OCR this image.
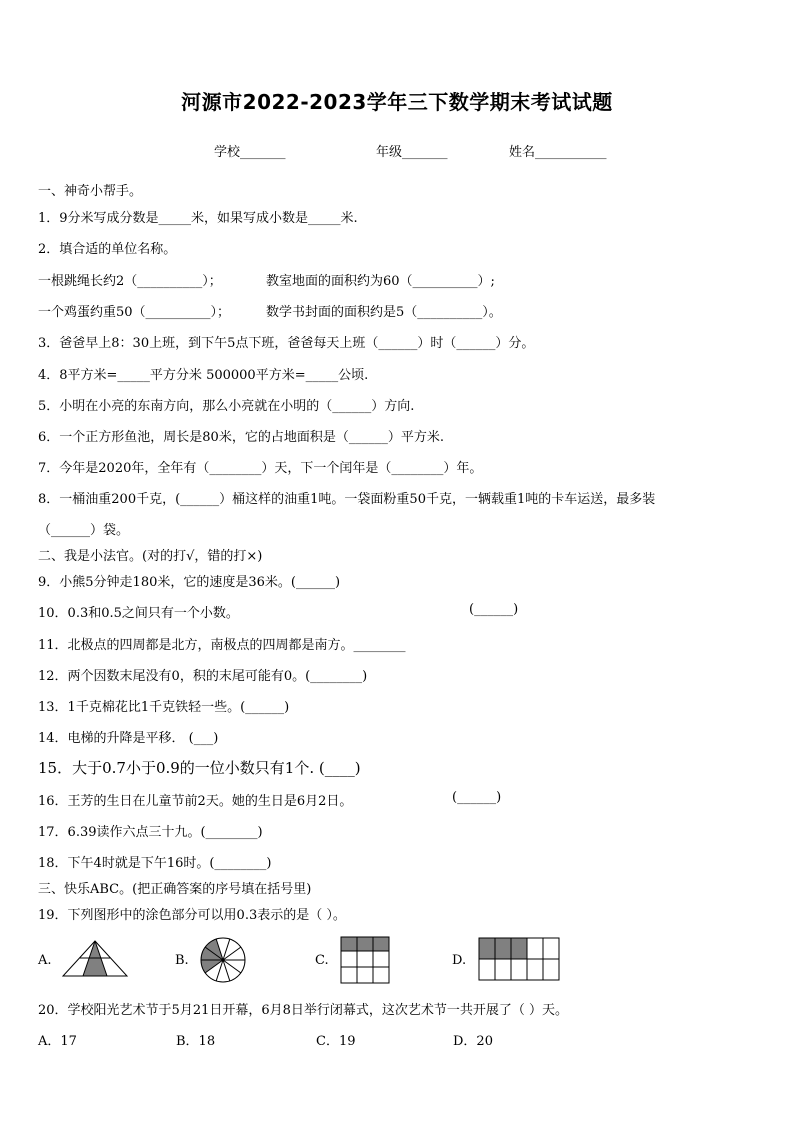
河源市2022-2023学年三下数学期末考试试题
学校_______	年级_______	姓名___________
一、神奇小帮手。
1．9分米写成分数是_____米，如果写成小数是_____米.
2．填合适的单位名称。
一根跳绳长约2（__________）；	教室地面的面积约为60（__________）;
一个鸡蛋约重50（__________）；	数学书封面的面积约是5（__________）。
3．爸爸早上8：30上班，到下午5点下班，爸爸每天上班（______）时（______）分。
4．8平方米=_____平方分米 500000平方米=_____公顷.
5．小明在小亮的东南方向，那么小亮就在小明的（______）方向.
6．一个正方形鱼池，周长是80米，它的占地面积是（______）平方米.
7．今年是2020年，全年有（________）天，下一个闰年是（________）年。
8．一桶油重200千克，(______）桶这样的油重1吨。一袋面粉重50千克，一辆载重1吨的卡车运送，最多装
（______）袋。
二、我是小法官。(对的打√，错的打×)
9．小熊5分钟走180米，它的速度是36米。(______)
10．0.3和0.5之间只有一个小数。	(______)
11．北极点的四周都是北方，南极点的四周都是南方。________
12．两个因数末尾没有0，积的末尾可能有0。(________)
13．1千克棉花比1千克铁轻一些。(______)
14．电梯的升降是平移． (___)
15．大于0.7小于0.9的一位小数只有1个. (____)
16．王芳的生日在儿童节前2天。她的生日是6月2日。	(______)
17．6.39读作六点三十九。(________)
18．下午4时就是下午16时。(________)
三、快乐ABC。(把正确答案的序号填在括号里)
19．下列图形中的涂色部分可以用0.3表示的是（ ）。
A.	B.	C.	D.
20．学校阳光艺术节于5月21日开幕，6月8日举行闭幕式，这次艺术节一共开展了（ ）天。
A．17	B．18	C．19	D．20
